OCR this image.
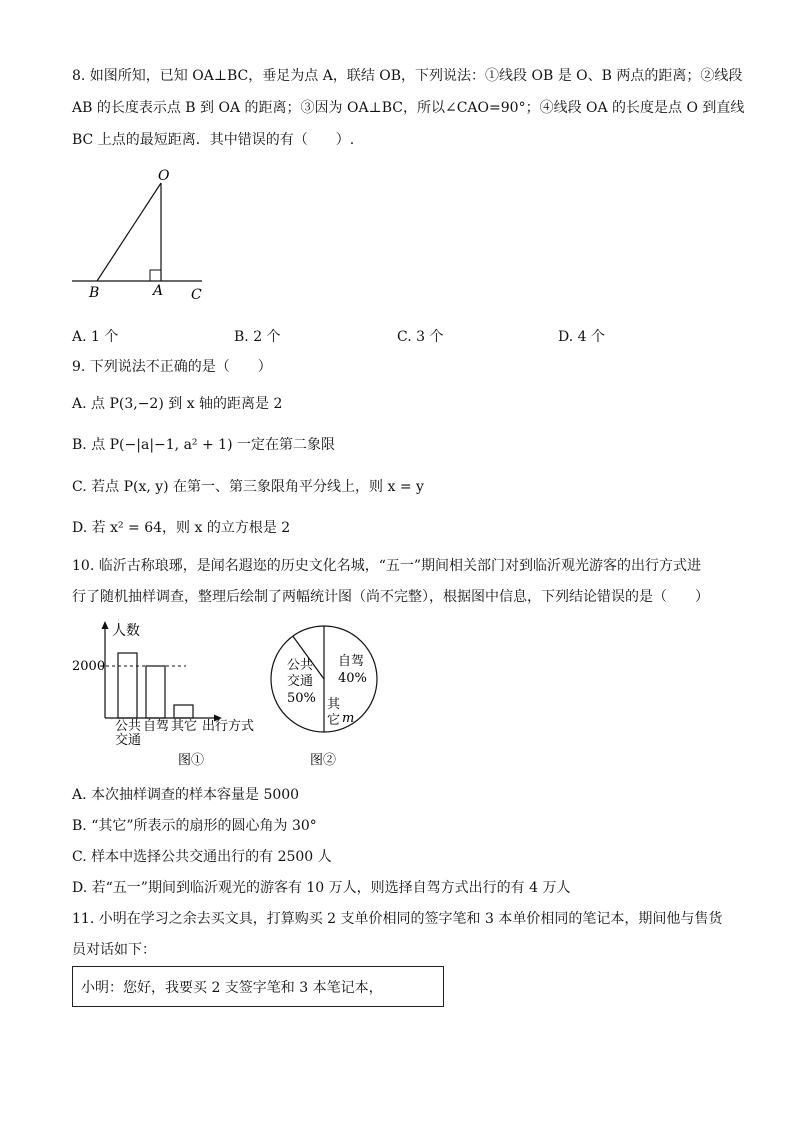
8. 如图所知，已知 OA⊥BC，垂足为点 A，联结 OB，下列说法：①线段 OB 是 O、B 两点的距离；②线段
AB 的长度表示点 B 到 OA 的距离；③因为 OA⊥BC，所以∠CAO=90°；④线段 OA 的长度是点 O 到直线
BC 上点的最短距离．其中错误的有（　　）.
O
B	A C
A. 1 个	B. 2 个	C. 3 个	D. 4 个
9. 下列说法不正确的是（　　）
A. 点 P(3,−2) 到 x 轴的距离是 2
B. 点 P(−|a|−1, a² + 1) 一定在第二象限
C. 若点 P(x, y) 在第一、第三象限角平分线上，则 x = y
D. 若 x² = 64，则 x 的立方根是 2
10. 临沂古称琅琊，是闻名遐迩的历史文化名城，“五一”期间相关部门对到临沂观光游客的出行方式进
行了随机抽样调查，整理后绘制了两幅统计图（尚不完整），根据图中信息，下列结论错误的是（　　）
人数
2000
公共
交通
自驾 其它 出行方式
图①
公共
交通
50%
自驾
40%
其
它 m
图②
A. 本次抽样调查的样本容量是 5000
B. “其它”所表示的扇形的圆心角为 30°
C. 样本中选择公共交通出行的有 2500 人
D. 若“五一”期间到临沂观光的游客有 10 万人，则选择自驾方式出行的有 4 万人
11. 小明在学习之余去买文具，打算购买 2 支单价相同的签字笔和 3 本单价相同的笔记本，期间他与售货
员对话如下：
小明：您好，我要买 2 支签字笔和 3 本笔记本，
